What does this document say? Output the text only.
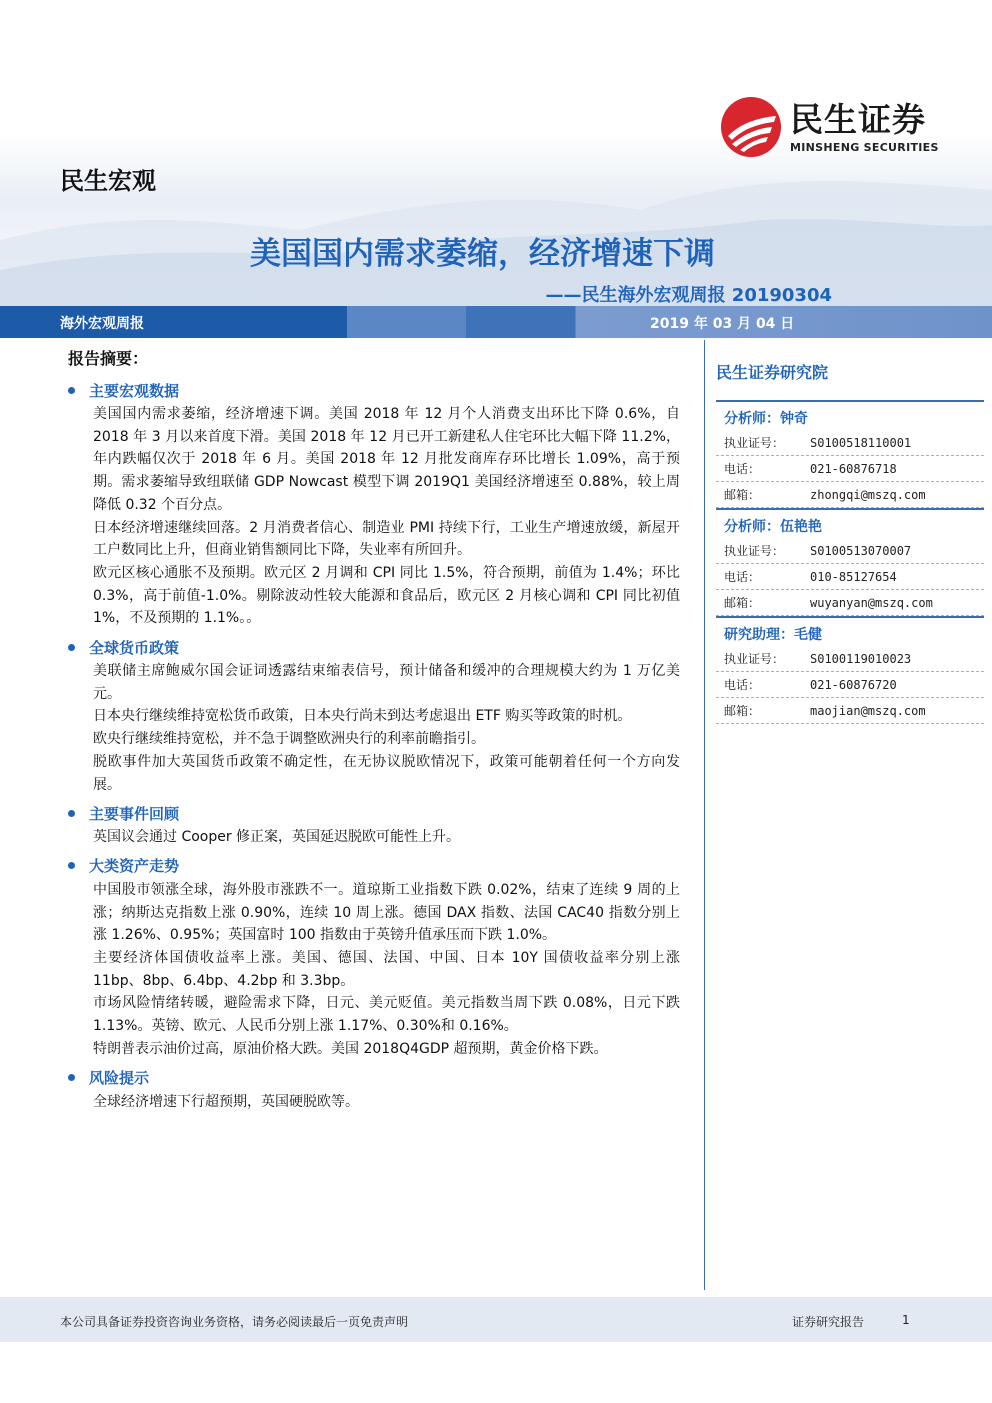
民生宏观
民生证券
MINSHENG SECURITIES
美国国内需求萎缩，经济增速下调
——民生海外宏观周报 20190304
海外宏观周报	2019 年 03 月 04 日
报告摘要：
主要宏观数据
美国国内需求萎缩，经济增速下调。美国 2018 年 12 月个人消费支出环比下降 0.6%，自 2018 年 3 月以来首度下滑。美国 2018 年 12 月已开工新建私人住宅环比大幅下降 11.2%，年内跌幅仅次于 2018 年 6 月。美国 2018 年 12 月批发商库存环比增长 1.09%，高于预期。需求萎缩导致纽联储 GDP Nowcast 模型下调 2019Q1 美国经济增速至 0.88%，较上周降低 0.32 个百分点。
日本经济增速继续回落。2 月消费者信心、制造业 PMI 持续下行，工业生产增速放缓，新屋开工户数同比上升，但商业销售额同比下降，失业率有所回升。
欧元区核心通胀不及预期。欧元区 2 月调和 CPI 同比 1.5%，符合预期，前值为 1.4%；环比 0.3%，高于前值-1.0%。剔除波动性较大能源和食品后，欧元区 2 月核心调和 CPI 同比初值 1%，不及预期的 1.1%。。
全球货币政策
美联储主席鲍威尔国会证词透露结束缩表信号，预计储备和缓冲的合理规模大约为 1 万亿美元。
日本央行继续维持宽松货币政策，日本央行尚未到达考虑退出 ETF 购买等政策的时机。
欧央行继续维持宽松，并不急于调整欧洲央行的利率前瞻指引。
脱欧事件加大英国货币政策不确定性，在无协议脱欧情况下，政策可能朝着任何一个方向发展。
主要事件回顾
英国议会通过 Cooper 修正案，英国延迟脱欧可能性上升。
大类资产走势
中国股市领涨全球，海外股市涨跌不一。道琼斯工业指数下跌 0.02%，结束了连续 9 周的上涨；纳斯达克指数上涨 0.90%，连续 10 周上涨。德国 DAX 指数、法国 CAC40 指数分别上涨 1.26%、0.95%；英国富时 100 指数由于英镑升值承压而下跌 1.0%。
主要经济体国债收益率上涨。美国、德国、法国、中国、日本 10Y 国债收益率分别上涨 11bp、8bp、6.4bp、4.2bp 和 3.3bp。
市场风险情绪转暖，避险需求下降，日元、美元贬值。美元指数当周下跌 0.08%，日元下跌 1.13%。英镑、欧元、人民币分别上涨 1.17%、0.30%和 0.16%。
特朗普表示油价过高，原油价格大跌。美国 2018Q4GDP 超预期，黄金价格下跌。
风险提示
全球经济增速下行超预期，英国硬脱欧等。
民生证券研究院
分析师：钟奇
执业证号：	S0100518110001
电话：	021-60876718
邮箱：	zhongqi@mszq.com
分析师：伍艳艳
执业证号：	S0100513070007
电话：	010-85127654
邮箱：	wuyanyan@mszq.com
研究助理：毛健
执业证号：	S0100119010023
电话：	021-60876720
邮箱：	maojian@mszq.com
本公司具备证券投资咨询业务资格，请务必阅读最后一页免责声明	证券研究报告	1
